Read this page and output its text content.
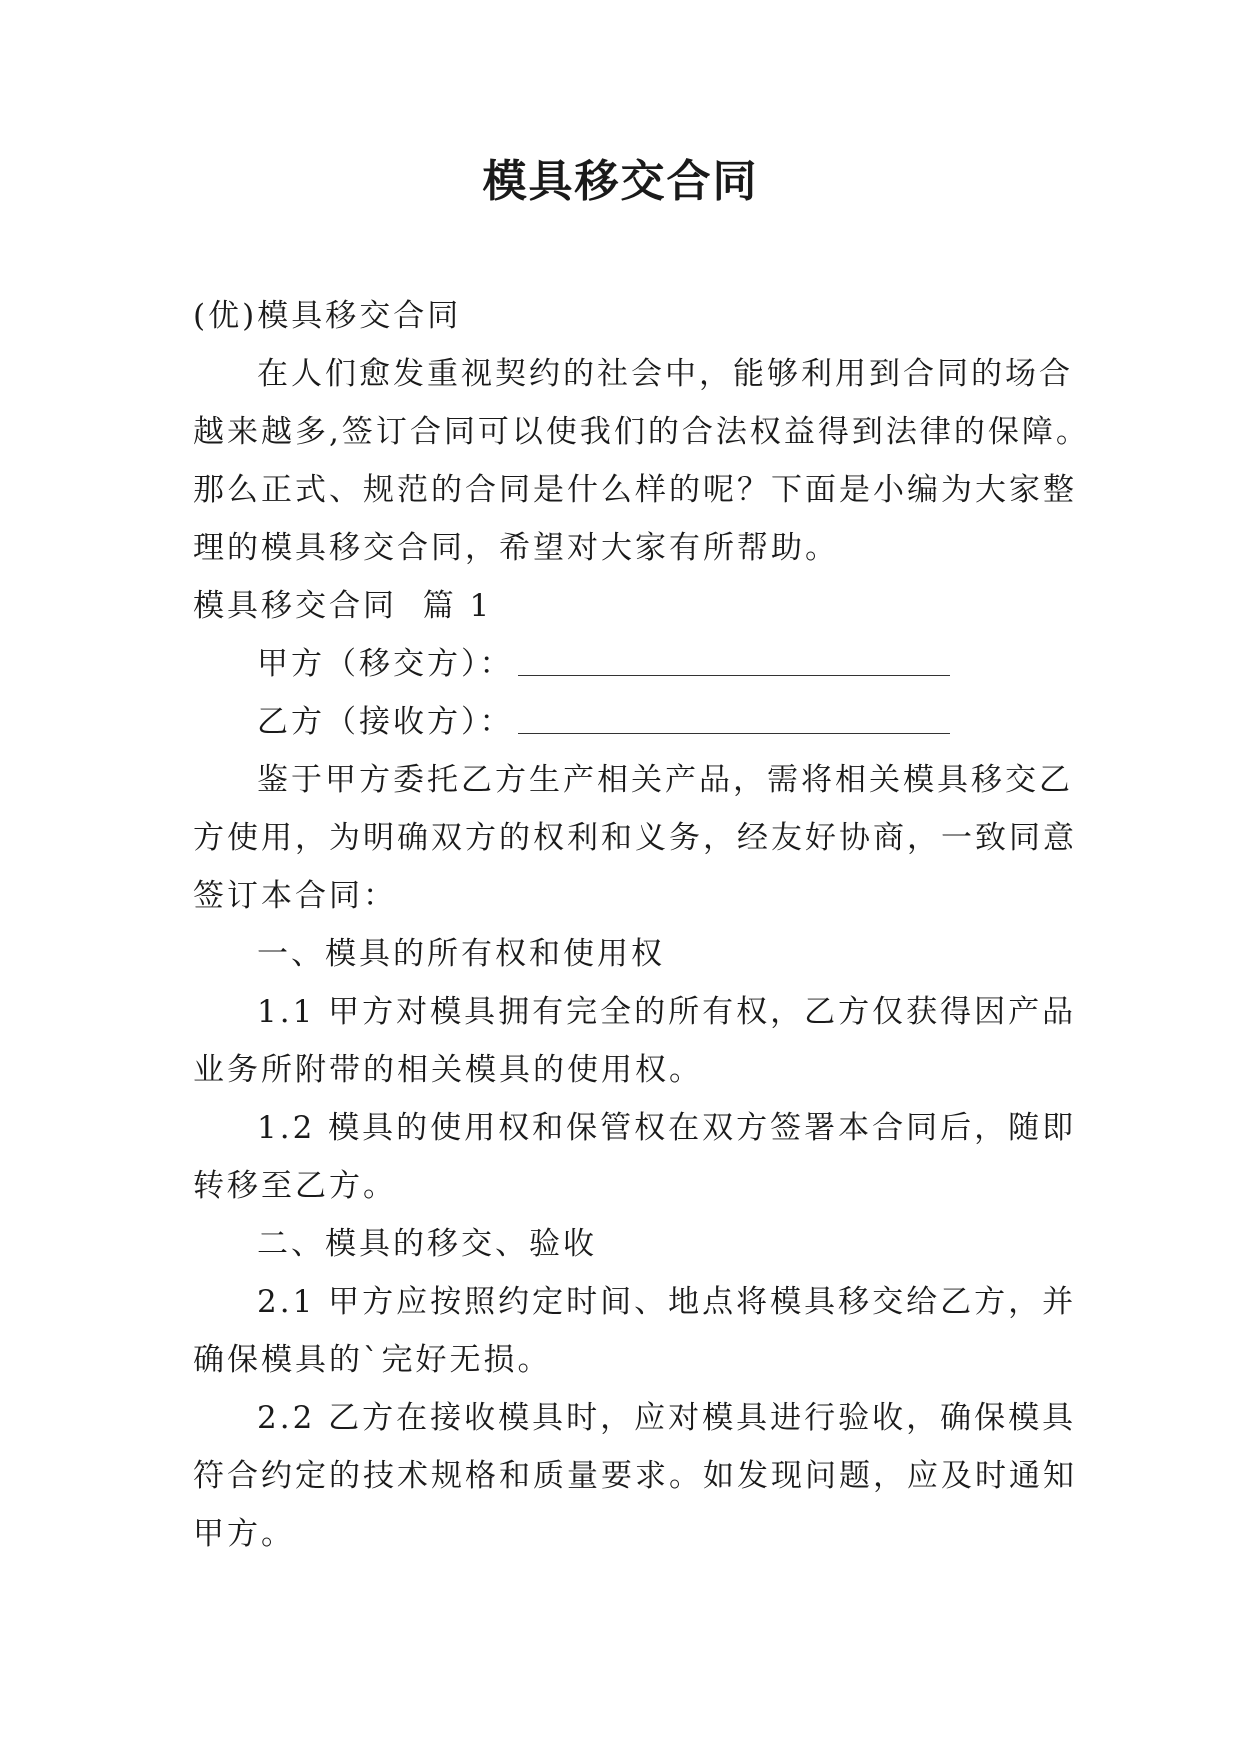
模具移交合同

(优)模具移交合同

在人们愈发重视契约的社会中，能够利用到合同的场合

越来越多,签订合同可以使我们的合法权益得到法律的保障。

那么正式、规范的合同是什么样的呢？下面是小编为大家整

理的模具移交合同，希望对大家有所帮助。

模具移交合同  篇 1

甲方（移交方）：

乙方（接收方）：

鉴于甲方委托乙方生产相关产品，需将相关模具移交乙

方使用，为明确双方的权利和义务，经友好协商，一致同意

签订本合同：

一、模具的所有权和使用权

1.1 甲方对模具拥有完全的所有权，乙方仅获得因产品

业务所附带的相关模具的使用权。

1.2 模具的使用权和保管权在双方签署本合同后，随即

转移至乙方。

二、模具的移交、验收

2.1 甲方应按照约定时间、地点将模具移交给乙方，并

确保模具的`完好无损。

2.2 乙方在接收模具时，应对模具进行验收，确保模具

符合约定的技术规格和质量要求。如发现问题，应及时通知

甲方。
